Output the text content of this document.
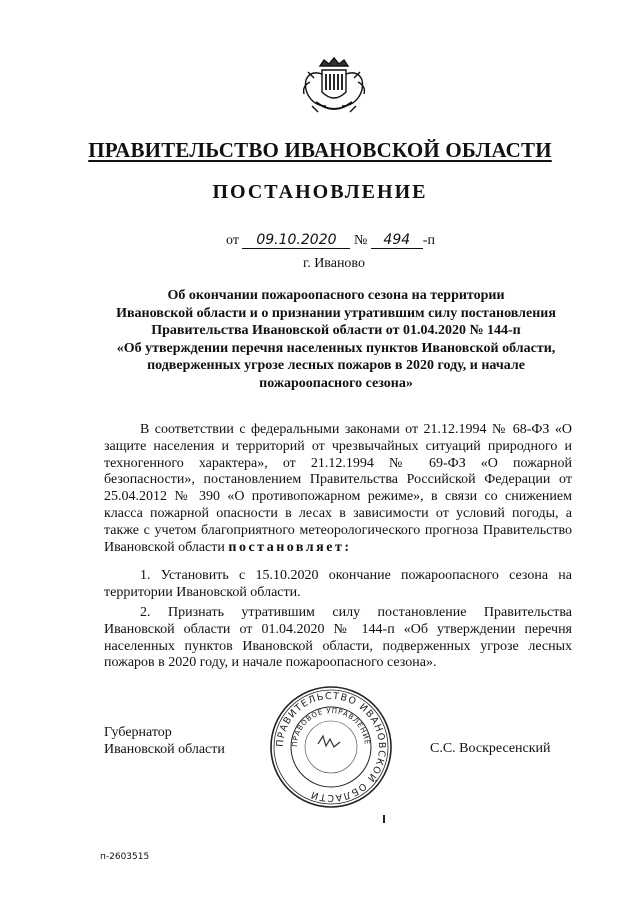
ПРАВИТЕЛЬСТВО ИВАНОВСКОЙ ОБЛАСТИ
ПОСТАНОВЛЕНИЕ
от 09.10.2020 № 494 -п
г. Иваново
Об окончании пожароопасного сезона на территории
Ивановской области и о признании утратившим силу постановления
Правительства Ивановской области от 01.04.2020 № 144-п
«Об утверждении перечня населенных пунктов Ивановской области,
подверженных угрозе лесных пожаров в 2020 году, и начале
пожароопасного сезона»

В соответствии с федеральными законами от 21.12.1994 № 68-ФЗ «О защите населения и территорий от чрезвычайных ситуаций природного и техногенного характера», от 21.12.1994 № 69-ФЗ «О пожарной безопасности», постановлением Правительства Российской Федерации от 25.04.2012 № 390 «О противопожарном режиме», в связи со снижением класса пожарной опасности в лесах в зависимости от условий погоды, а также с учетом благоприятного метеорологического прогноза Правительство Ивановской области постановляет:

1. Установить с 15.10.2020 окончание пожароопасного сезона на территории Ивановской области.

2. Признать утратившим силу постановление Правительства Ивановской области от 01.04.2020 № 144-п «Об утверждении перечня населенных пунктов Ивановской области, подверженных угрозе лесных пожаров в 2020 году, и начале пожароопасного сезона».

Губернатор
Ивановской области	ПРАВИТЕЛЬСТВО ИВАНОВСКОЙ ОБЛАСТИ
ПРАВОВОЕ УПРАВЛЕНИЕ	С.С. Воскресенский
п-2603515
